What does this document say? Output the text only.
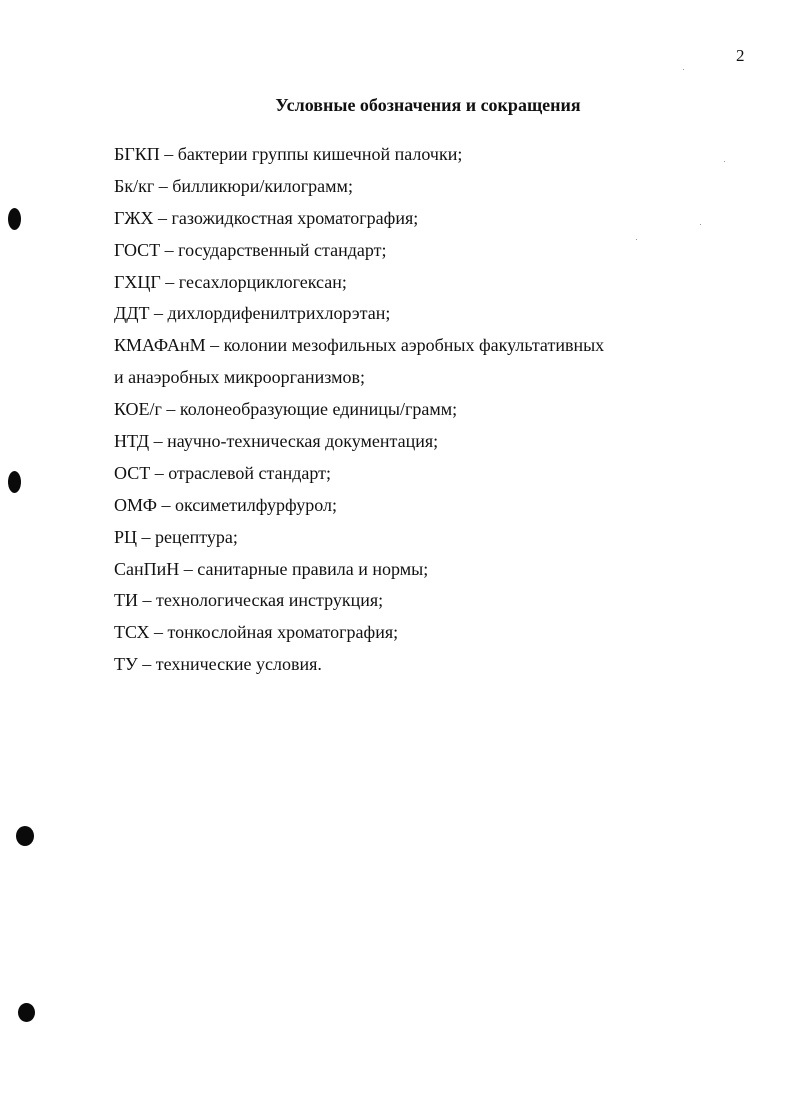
2
Условные обозначения и сокращения
БГКП – бактерии группы кишечной палочки;
Бк/кг – билликюри/килограмм;
ГЖХ – газожидкостная хроматография;
ГОСТ – государственный стандарт;
ГХЦГ – гесахлорциклогексан;
ДДТ – дихлордифенилтрихлорэтан;
КМАФАнМ – колонии мезофильных аэробных факультативных
и анаэробных микроорганизмов;
КОЕ/г – колонеобразующие единицы/грамм;
НТД – научно-техническая документация;
ОСТ – отраслевой стандарт;
ОМФ – оксиметилфурфурол;
РЦ – рецептура;
СанПиН – санитарные правила и нормы;
ТИ – технологическая инструкция;
ТСХ – тонкослойная хроматография;
ТУ – технические условия.
